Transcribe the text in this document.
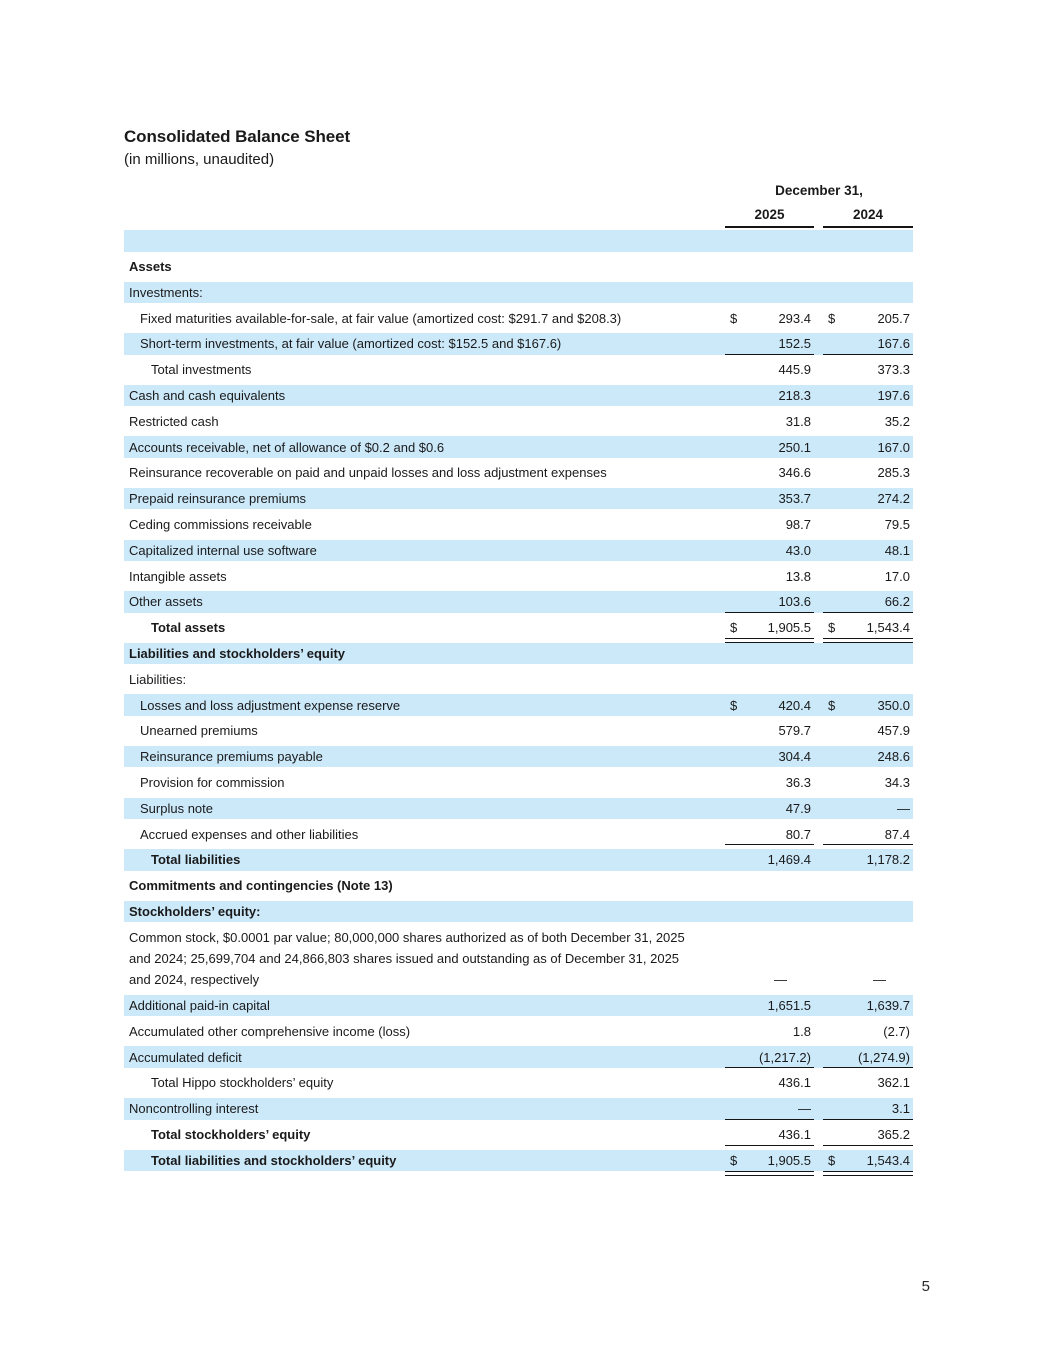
Consolidated Balance Sheet
(in millions, unaudited)
December 31,
2025	2024
Assets
Investments:
Fixed maturities available-for-sale, at fair value (amortized cost: $291.7 and $208.3)	$	293.4 $	205.7
Short-term investments, at fair value (amortized cost: $152.5 and $167.6)	152.5	167.6
Total investments	445.9	373.3
Cash and cash equivalents	218.3	197.6
Restricted cash	31.8	35.2
Accounts receivable, net of allowance of $0.2 and $0.6	250.1	167.0
Reinsurance recoverable on paid and unpaid losses and loss adjustment expenses	346.6	285.3
Prepaid reinsurance premiums	353.7	274.2
Ceding commissions receivable	98.7	79.5
Capitalized internal use software	43.0	48.1
Intangible assets	13.8	17.0
Other assets	103.6	66.2
Total assets	$ 1,905.5 $ 1,543.4
Liabilities and stockholders’ equity
Liabilities:
Losses and loss adjustment expense reserve	$	420.4 $	350.0
Unearned premiums	579.7	457.9
Reinsurance premiums payable	304.4	248.6
Provision for commission	36.3	34.3
Surplus note	47.9	—
Accrued expenses and other liabilities	80.7	87.4
Total liabilities	1,469.4	1,178.2
Commitments and contingencies (Note 13)
Stockholders’ equity:
Common stock, $0.0001 par value; 80,000,000 shares authorized as of both December 31, 2025 and 2024; 25,699,704 and 24,866,803 shares issued and outstanding as of December 31, 2025 and 2024, respectively	—	—
Additional paid-in capital	1,651.5	1,639.7
Accumulated other comprehensive income (loss)	1.8	(2.7)
Accumulated deficit	(1,217.2)	(1,274.9)
Total Hippo stockholders’ equity	436.1	362.1
Noncontrolling interest	—	3.1
Total stockholders’ equity	436.1	365.2
Total liabilities and stockholders’ equity	$ 1,905.5 $ 1,543.4
5
